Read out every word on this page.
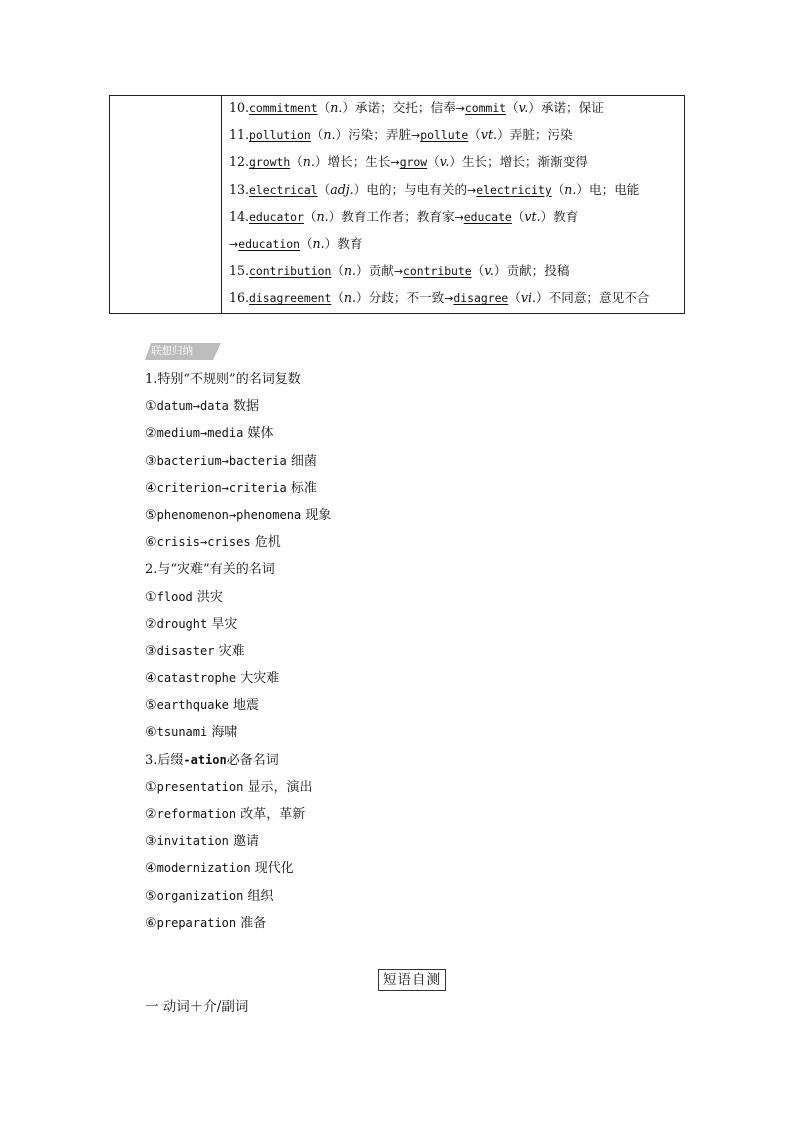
10.commitment（n.）承诺；交托；信奉→commit（v.）承诺；保证
11.pollution（n.）污染；弄脏→pollute（vt.）弄脏；污染
12.growth（n.）增长；生长→grow（v.）生长；增长；渐渐变得
13.electrical（adj.）电的；与电有关的→electricity（n.）电；电能
14.educator（n.）教育工作者；教育家→educate（vt.）教育
→education（n.）教育
15.contribution（n.）贡献→contribute（v.）贡献；投稿
16.disagreement（n.）分歧；不一致→disagree（vi.）不同意；意见不合
联想归纳
1.特别“不规则”的名词复数
①datum→data 数据
②medium→media 媒体
③bacterium→bacteria 细菌
④criterion→criteria 标准
⑤phenomenon→phenomena 现象
⑥crisis→crises 危机
2.与“灾难”有关的名词
①flood 洪灾
②drought 旱灾
③disaster 灾难
④catastrophe 大灾难
⑤earthquake 地震
⑥tsunami 海啸
3.后缀-ation必备名词
①presentation 显示，演出
②reformation 改革，革新
③invitation 邀请
④modernization 现代化
⑤organization 组织
⑥preparation 准备
短语自测
一 动词＋介/副词
